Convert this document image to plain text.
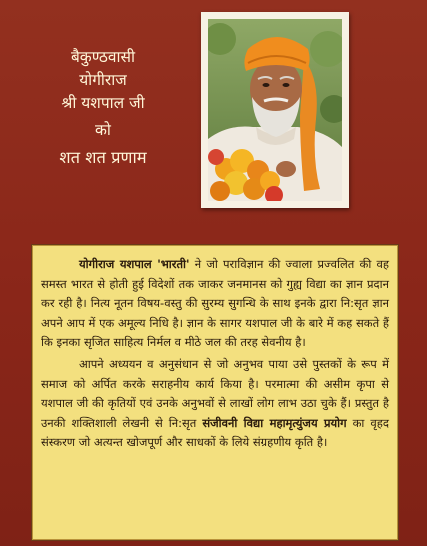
बैकुण्ठवासी
योगीराज
श्री यशपाल जी
को
शत शत प्रणाम

योगीराज यशपाल 'भारती' ने जो पराविज्ञान की ज्वाला प्रज्वलित की वह समस्त भारत से होती हुई विदेशों तक जाकर जनमानस को गुह्य विद्या का ज्ञान प्रदान कर रही है। नित्य नूतन विषय-वस्तु की सुरम्य सुगन्धि के साथ इनके द्वारा नि:सृत ज्ञान अपने आप में एक अमूल्य निधि है। ज्ञान के सागर यशपाल जी के बारे में कह सकते हैं कि इनका सृजित साहित्य निर्मल व मीठे जल की तरह सेवनीय है।

आपने अध्ययन व अनुसंधान से जो अनुभव पाया उसे पुस्तकों के रूप में समाज को अर्पित करके सराहनीय कार्य किया है। परमात्मा की असीम कृपा से यशपाल जी की कृतियों एवं उनके अनुभवों से लाखों लोग लाभ उठा चुके हैं। प्रस्तुत है उनकी शक्तिशाली लेखनी से नि:सृत संजीवनी विद्या महामृत्युंजय प्रयोग का वृहद संस्करण जो अत्यन्त खोजपूर्ण और साधकों के लिये संग्रहणीय कृति है।
